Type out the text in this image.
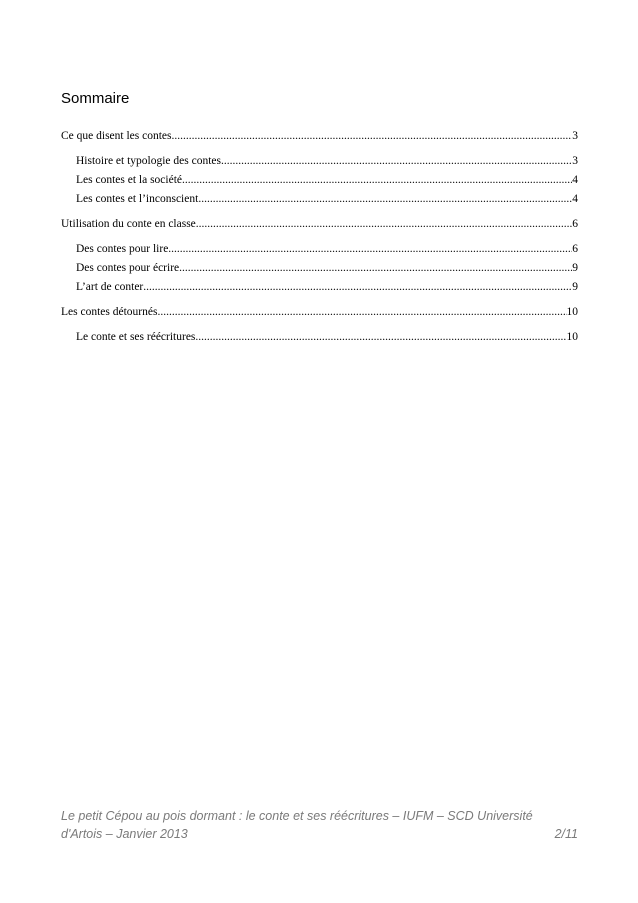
Sommaire
Ce que disent les contes .....	3
Histoire et typologie des contes .....	3
Les contes et la société .....	4
Les contes et l’inconscient .....	4
Utilisation du conte en classe .....	6
Des contes pour lire .....	6
Des contes pour écrire .....	9
L’art de conter .....	9
Les contes détournés .....	10
Le conte et ses réécritures .....	10
Le petit Cépou au pois dormant : le conte et ses réécritures – IUFM – SCD Université
d'Artois – Janvier 2013	2/11
